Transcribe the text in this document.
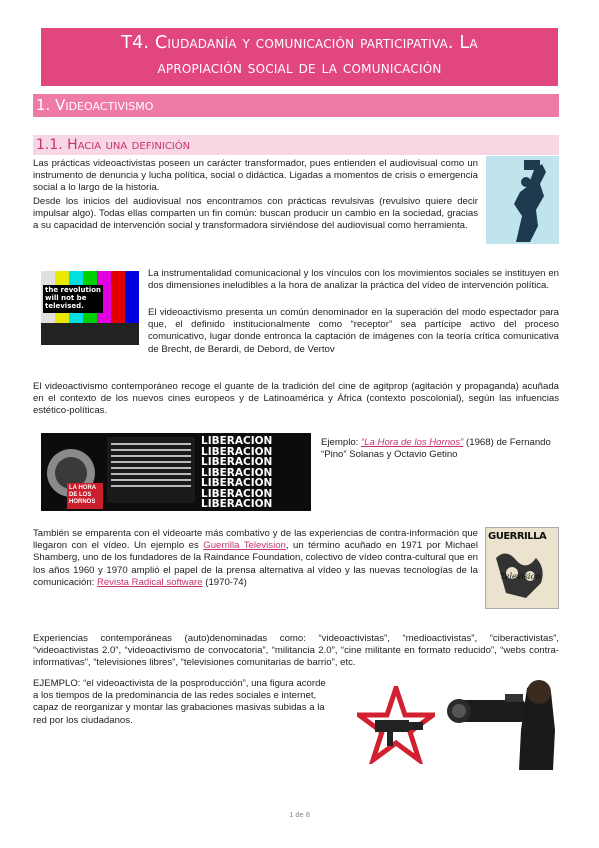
T4. Ciudadanía y comunicación participativa. La
apropiación social de la comunicación
1. Videoactivismo
1.1. Hacia una definición
Las prácticas videoactivistas poseen un carácter transformador, pues entienden el audiovisual como un instrumento de denuncia y lucha política, social o didáctica. Ligadas a momentos de crisis o emergencia social a lo largo de la historia.
Desde los inicios del audiovisual nos encontramos con prácticas revulsivas (revulsivo quiere decir impulsar algo). Todas ellas comparten un fin común: buscan producir un cambio en la sociedad, gracias a su capacidad de intervención social y transformadora sirviéndose del audiovisual como herramienta.
the revolution will not be televised.
La instrumentalidad comunicacional y los vínculos con los movimientos sociales se instituyen en dos dimensiones ineludibles a la hora de analizar la práctica del vídeo de intervención política.
El videoactivismo presenta un común denominador en la superación del modo espectador para que, el definido institucionalmente como “receptor” sea partícipe activo del proceso comunicativo, lugar donde entronca la captación de imágenes con la teoría crítica comunicativa de Brecht, de Berardi, de Debord, de Vertov
El videoactivismo contemporáneo recoge el guante de la tradición del cine de agitprop (agitación y propaganda) acuñada en el contexto de los nuevos cines europeos y de Latinoamérica y África (contexto poscolonial), según las infuencias estético-políticas.
LA HORA DE LOS HORNOS
LIBERACION
LIBERACION
LIBERACION
LIBERACION
LIBERACION
LIBERACION
LIBERACION
Ejemplo: “La Hora de los Hornos” (1968) de Fernando “Pino” Solanas y Octavio Getino
También se emparenta con el videoarte más combativo y de las experiencias de contra-información que llegaron con el vídeo. Un ejemplo es Guerrilla Television, un término acuñado en 1971 por Michael Shamberg, uno de los fundadores de la Raindance Foundation, colectivo de vídeo contra-cultural que en los años 1960 y 1970 amplió el papel de la prensa alternativa al vídeo y las nuevas tecnologías de la comunicación: Revista Radical software (1970-74)
GUERRILLA
Television
Experiencias contemporáneas (auto)denominadas como: “videoactivistas”, “medioactivistas”, “ciberactivistas”, “videoactivistas 2.0”, “videoactivismo de convocatoria”, “militancia 2.0”, “cine militante en formato reducido”, “webs contra-informativas”, “televisiones libres”, “televisiones comunitarias de barrio”, etc.
EJEMPLO: “el videoactivista de la posproducción”, una figura acorde a los tiempos de la predominancia de las redes sociales e internet, capaz de reorganizar y montar las grabaciones masivas subidas a la red por los ciudadanos.
1 de 8
